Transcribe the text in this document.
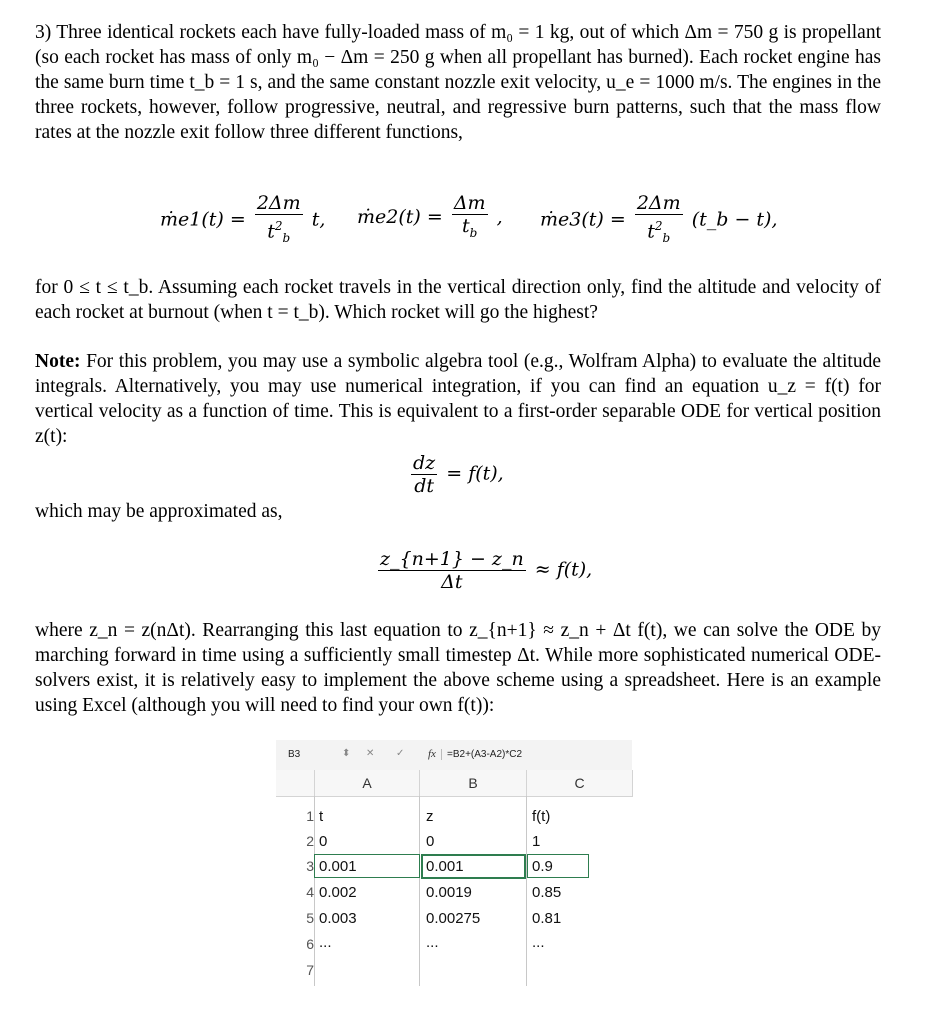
3) Three identical rockets each have fully-loaded mass of m₀ = 1 kg, out of which Δm = 750 g is propellant (so each rocket has mass of only m₀ − Δm = 250 g when all propellant has burned). Each rocket engine has the same burn time t_b = 1 s, and the same constant nozzle exit velocity, u_e = 1000 m/s. The engines in the three rockets, however, follow progressive, neutral, and regressive burn patterns, such that the mass flow rates at the nozzle exit follow three different functions,
ṁe1(t) = $\frac{2\Delta m}{t^2_b} t$, ṁe2(t) = $\frac{\Delta m}{t_b}$ , ṁe3(t) = $\frac{2\Delta m}{t^2_b}$ (t_b − t),
for 0 ≤ t ≤ t_b. Assuming each rocket travels in the vertical direction only, find the altitude and velocity of each rocket at burnout (when t = t_b). Which rocket will go the highest?
Note: For this problem, you may use a symbolic algebra tool (e.g., Wolfram Alpha) to evaluate the altitude integrals. Alternatively, you may use numerical integration, if you can find an equation u_z = f(t) for vertical velocity as a function of time. This is equivalent to a first-order separable ODE for vertical position z(t):
$\frac{dz}{dt} = f(t)$,
which may be approximated as,
$\frac{z\_\{n+1\} - z\_n}{\Delta t} \approx f(t)$,
where z_n = z(nΔt). Rearranging this last equation to z_{n+1} ≈ z_n + Δt f(t), we can solve the ODE by marching forward in time using a sufficiently small timestep Δt. While more sophisticated numerical ODE-solvers exist, it is relatively easy to implement the above scheme using a spreadsheet. Here is an example using Excel (although you will need to find your own f(t)):
B3	⬍ ✕ ✓ fx	=B2+(A3-A2)*C2
A	B	C
1 t	z	f(t)
2 0	0	1
3 0.001	0.001	0.9
4 0.002	0.0019	0.85
5 0.003	0.00275	0.81
6 ...	...	...
7
